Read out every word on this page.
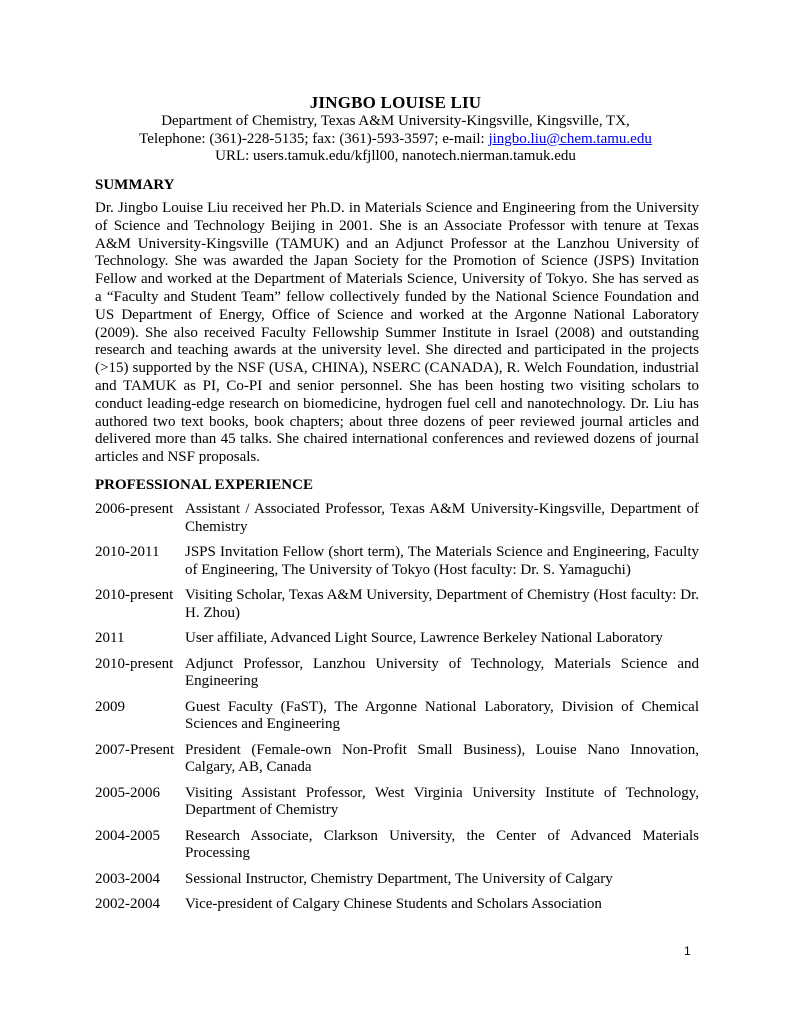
JINGBO LOUISE LIU
Department of Chemistry, Texas A&M University-Kingsville, Kingsville, TX,
Telephone: (361)-228-5135; fax: (361)-593-3597; e-mail: jingbo.liu@chem.tamu.edu
URL: users.tamuk.edu/kfjll00, nanotech.nierman.tamuk.edu
SUMMARY

Dr. Jingbo Louise Liu received her Ph.D. in Materials Science and Engineering from the University of Science and Technology Beijing in 2001. She is an Associate Professor with tenure at Texas A&M University-Kingsville (TAMUK) and an Adjunct Professor at the Lanzhou University of Technology. She was awarded the Japan Society for the Promotion of Science (JSPS) Invitation Fellow and worked at the Department of Materials Science, University of Tokyo. She has served as a “Faculty and Student Team” fellow collectively funded by the National Science Foundation and US Department of Energy, Office of Science and worked at the Argonne National Laboratory (2009). She also received Faculty Fellowship Summer Institute in Israel (2008) and outstanding research and teaching awards at the university level. She directed and participated in the projects (>15) supported by the NSF (USA, CHINA), NSERC (CANADA), R. Welch Foundation, industrial and TAMUK as PI, Co-PI and senior personnel. She has been hosting two visiting scholars to conduct leading-edge research on biomedicine, hydrogen fuel cell and nanotechnology. Dr. Liu has authored two text books, book chapters; about three dozens of peer reviewed journal articles and delivered more than 45 talks. She chaired international conferences and reviewed dozens of journal articles and NSF proposals.

PROFESSIONAL EXPERIENCE
2006-present Assistant / Associated Professor, Texas A&M University-Kingsville, Department of Chemistry
2010-2011	JSPS Invitation Fellow (short term), The Materials Science and Engineering, Faculty of Engineering, The University of Tokyo (Host faculty: Dr. S. Yamaguchi)
2010-present Visiting Scholar, Texas A&M University, Department of Chemistry (Host faculty: Dr. H. Zhou)
2011	User affiliate, Advanced Light Source, Lawrence Berkeley National Laboratory
2010-present Adjunct Professor, Lanzhou University of Technology, Materials Science and Engineering
2009	Guest Faculty (FaST), The Argonne National Laboratory, Division of Chemical Sciences and Engineering
2007-Present President (Female-own Non-Profit Small Business), Louise Nano Innovation, Calgary, AB, Canada
2005-2006	Visiting Assistant Professor, West Virginia University Institute of Technology, Department of Chemistry
2004-2005	Research Associate, Clarkson University, the Center of Advanced Materials Processing
2003-2004	Sessional Instructor, Chemistry Department, The University of Calgary
2002-2004	Vice-president of Calgary Chinese Students and Scholars Association
1
